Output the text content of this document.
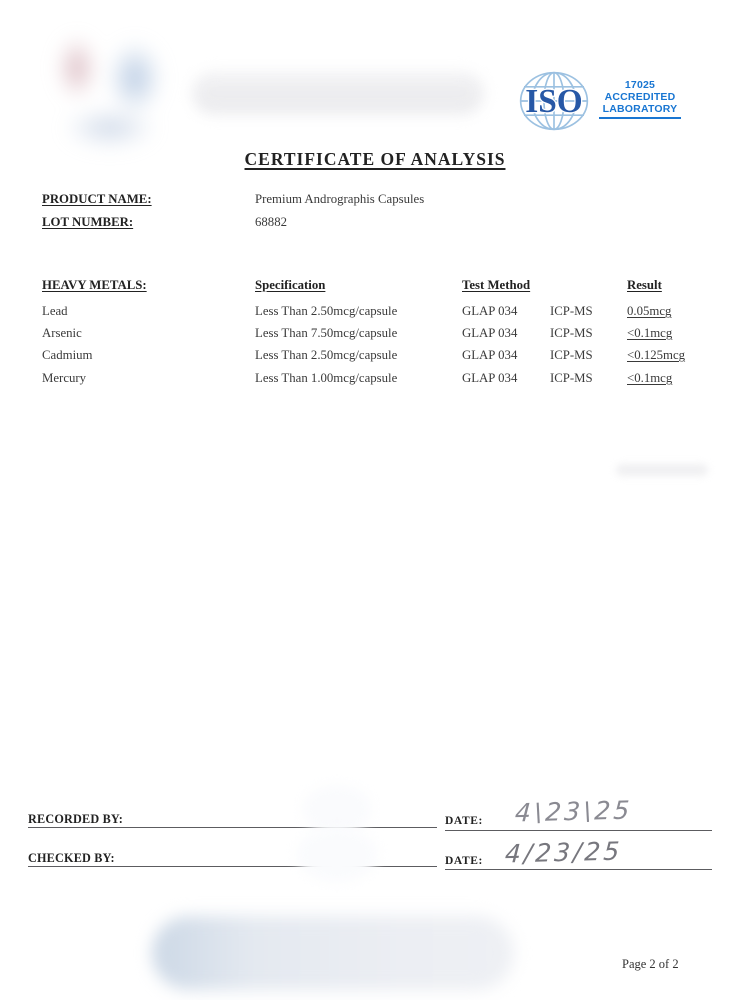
ISO	17025
ACCREDITED
LABORATORY
CERTIFICATE OF ANALYSIS
PRODUCT NAME:	Premium Andrographis Capsules
LOT NUMBER:	68882
HEAVY METALS:	Specification	Test Method	Result
Lead	Less Than 2.50mcg/capsule	GLAP 034	ICP-MS	0.05mcg
Arsenic	Less Than 7.50mcg/capsule	GLAP 034	ICP-MS	<0.1mcg
Cadmium	Less Than 2.50mcg/capsule	GLAP 034	ICP-MS	<0.125mcg
Mercury	Less Than 1.00mcg/capsule	GLAP 034	ICP-MS	<0.1mcg
RECORDED BY:	DATE: 4\23\25
CHECKED BY:	DATE: 4/23/25
Page 2 of 2
